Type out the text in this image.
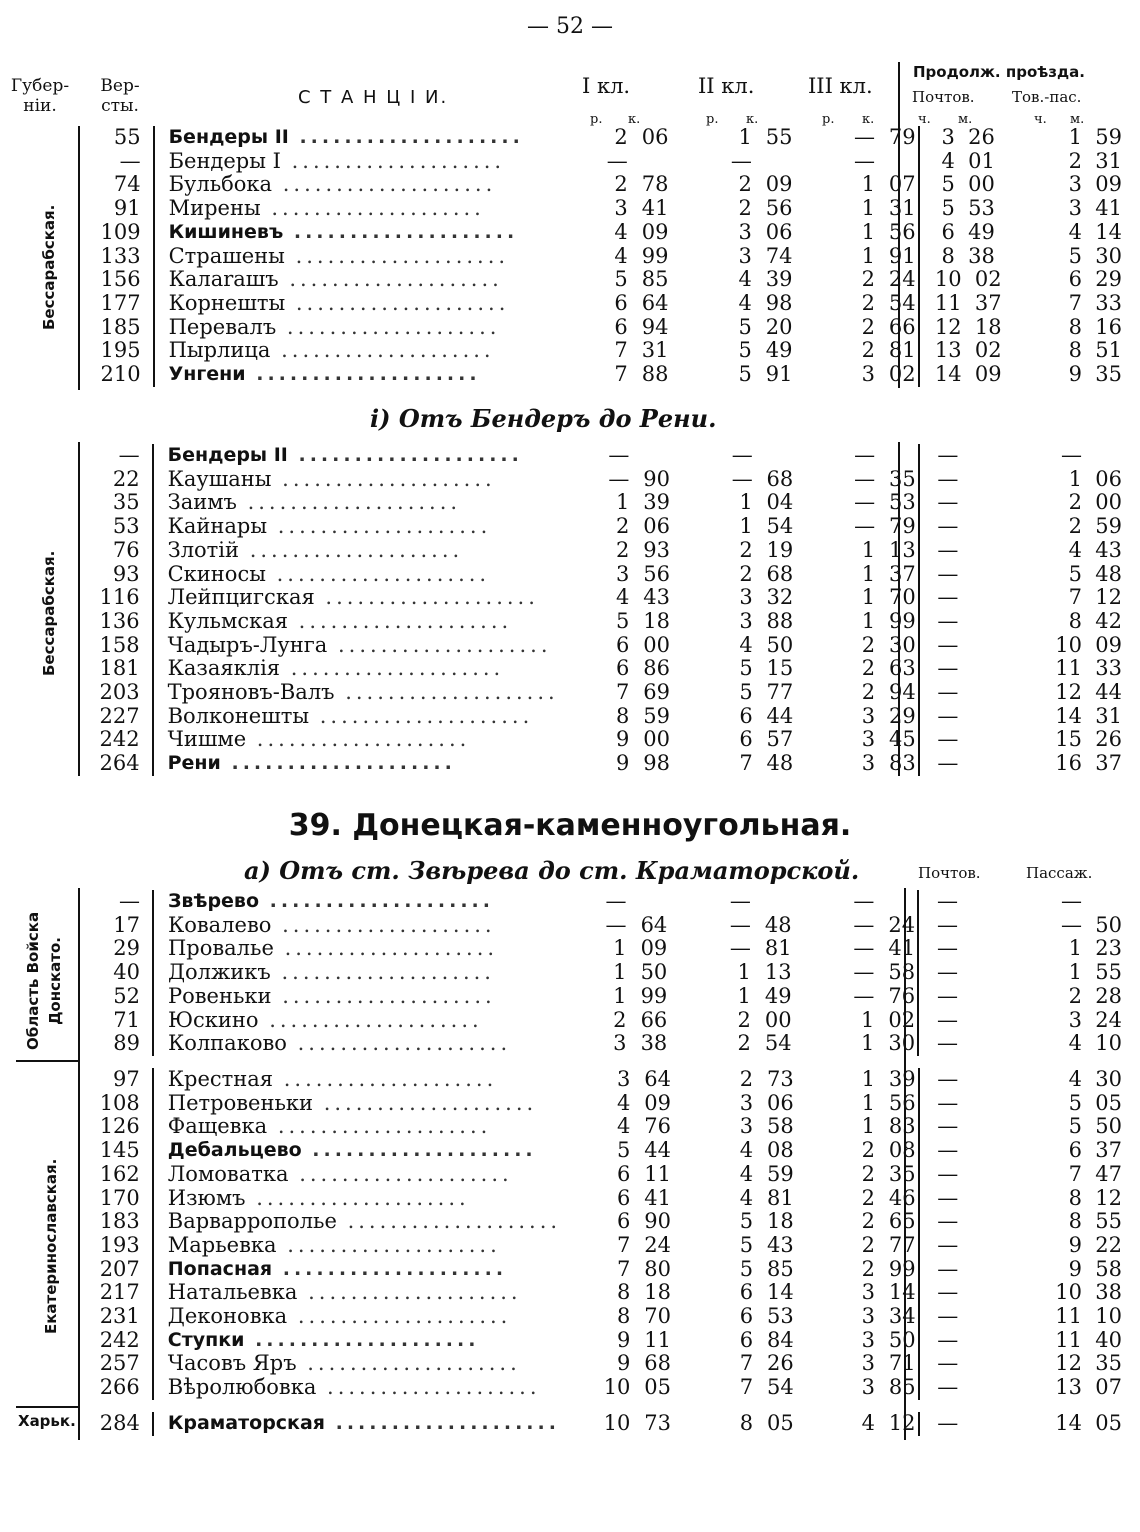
— 52 —
Губер-
ніи.
Вер-
сты.	С Т А Н Ц І И.	I кл.	II кл.	III кл.
Продолж. проѣзда.
Почтов. Тов.-пас.
р. к.	р. к.	р. к.	ч. м.	ч. м.
Бессарабская.
	55	Бендеры II ....................	2	06		1	55		—	79	3 26	1 59
	—	Бендеры I ....................	—			—			—		4 01	2 31
	74	Бульбока ....................	2	78		2	09		1	07	5 00	3 09
	91	Мирены ....................	3	41		2	56		1	31	5 53	3 41
	109	Кишиневъ ....................	4	09		3	06		1	56	6 49	4 14
	133	Страшены ....................	4	99		3	74		1	91	8 38	5 30
	156	Калarашъ ....................	5	85		4	39		2	24	10 02	6 29
	177	Корнешты ....................	6	64		4	98		2	54	11 37	7 33
	185	Перевалъ ....................	6	94		5	20		2	66	12 18	8 16
	195	Пырлица ....................	7	31		5	49		2	81	13 02	8 51
	210	Унгени ....................	7	88		5	91		3	02	14 09	9 35
i) Отъ Бендеръ до Рени.
Бессарабская.
	—	Бендеры II ....................	—			—			—		—	—
	22	Каушаны ....................	—	90		—	68		—	35	—	1 06
	35	Заимъ ....................	1	39		1	04		—	53	—	2 00
	53	Кайнары ....................	2	06		1	54		—	79	—	2 59
	76	Злотій ....................	2	93		2	19		1	13	—	4 43
	93	Скиносы ....................	3	56		2	68		1	37	—	5 48
	116	Лейпцигская ....................	4	43		3	32		1	70	—	7 12
	136	Кульмская ....................	5	18		3	88		1	99	—	8 42
	158	Чадыръ-Лунга ....................	6	00		4	50		2	30	—	10 09
	181	Казаяклія ....................	6	86		5	15		2	63	—	11 33
	203	Трояновъ-Валъ ....................	7	69		5	77		2	94	—	12 44
	227	Волконешты ....................	8	59		6	44		3	29	—	14 31
	242	Чишме ....................	9	00		6	57		3	45	—	15 26
	264	Рени ....................	9	98		7	48		3	83	—	16 37
39. Донецкая-каменноугольная.
a) Отъ ст. Звѣрева до ст. Краматорской.	Почтов.	Пассаж.
Область Войска
Донскато.
Екатеринославская.
Харьк.
	—	Звѣрево ....................	—			—			—		—	—
	17	Ковалево ....................	—	64		—	48		—	24	—	— 50
	29	Провалье ....................	1	09		—	81		—	41	—	1 23
	40	Должикъ ....................	1	50		1	13		—	58	—	1 55
	52	Ровеньки ....................	1	99		1	49		—	76	—	2 28
	71	Юскино ....................	2	66		2	00		1	02	—	3 24
	89	Колпаково ....................	3	38		2	54		1	30	—	4 10
	97	Крестная ....................	3	64		2	73		1	39	—	4 30
	108	Петровеньки ....................	4	09		3	06		1	56	—	5 05
	126	Фащевка ....................	4	76		3	58		1	83	—	5 50
	145	Дебальцево ....................	5	44		4	08		2	08	—	6 37
	162	Ломоватка ....................	6	11		4	59		2	35	—	7 47
	170	Изюмъ ....................	6	41		4	81		2	46	—	8 12
	183	Варваррополье ....................	6	90		5	18		2	65	—	8 55
	193	Марьевка ....................	7	24		5	43		2	77	—	9 22
	207	Попасная ....................	7	80		5	85		2	99	—	9 58
	217	Натальевка ....................	8	18		6	14		3	14	—	10 38
	231	Деконовка ....................	8	70		6	53		3	34	—	11 10
	242	Ступки ....................	9	11		6	84		3	50	—	11 40
	257	Часовъ Яръ ....................	9	68		7	26		3	71	—	12 35
	266	Вѣролюбовка ....................	10	05		7	54		3	85	—	13 07
	284	Краматорская ....................	10	73		8	05		4	12	—	14 05
